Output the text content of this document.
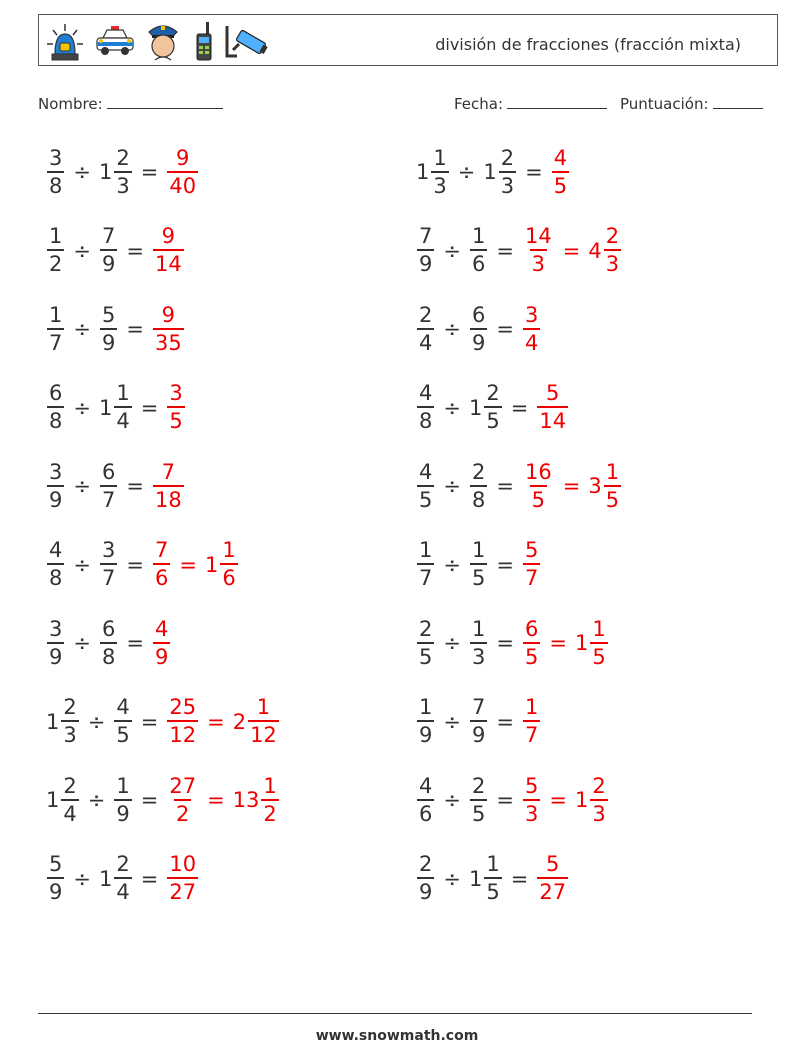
división de fracciones (fracción mixta)
Nombre:	Fecha:	Puntuación:
$\frac{3}{8} \div 1 \frac{2}{3} = \frac{9}{40}$	$1 \frac{1}{3} \div 1 \frac{2}{3} = \frac{4}{5}$
$\frac{1}{2} \div \frac{7}{9} = \frac{9}{14}$	$\frac{7}{9} \div \frac{1}{6} = \frac{14}{3} = 4 \frac{2}{3}$
$\frac{1}{7} \div \frac{5}{9} = \frac{9}{35}$	$\frac{2}{4} \div \frac{6}{9} = \frac{3}{4}$
$\frac{6}{8} \div 1 \frac{1}{4} = \frac{3}{5}$	$\frac{4}{8} \div 1 \frac{2}{5} = \frac{5}{14}$
$\frac{3}{9} \div \frac{6}{7} = \frac{7}{18}$	$\frac{4}{5} \div \frac{2}{8} = \frac{16}{5} = 3 \frac{1}{5}$
$\frac{4}{8} \div \frac{3}{7} = \frac{7}{6} = 1 \frac{1}{6}$	$\frac{1}{7} \div \frac{1}{5} = \frac{5}{7}$
$\frac{3}{9} \div \frac{6}{8} = \frac{4}{9}$	$\frac{2}{5} \div \frac{1}{3} = \frac{6}{5} = 1 \frac{1}{5}$
$1 \frac{2}{3} \div \frac{4}{5} = \frac{25}{12} = 2 \frac{1}{12}$	$\frac{1}{9} \div \frac{7}{9} = \frac{1}{7}$
$1 \frac{2}{4} \div \frac{1}{9} = \frac{27}{2} = 13 \frac{1}{2}$	$\frac{4}{6} \div \frac{2}{5} = \frac{5}{3} = 1 \frac{2}{3}$
$\frac{5}{9} \div 1 \frac{2}{4} = \frac{10}{27}$	$\frac{2}{9} \div 1 \frac{1}{5} = \frac{5}{27}$
www.snowmath.com
